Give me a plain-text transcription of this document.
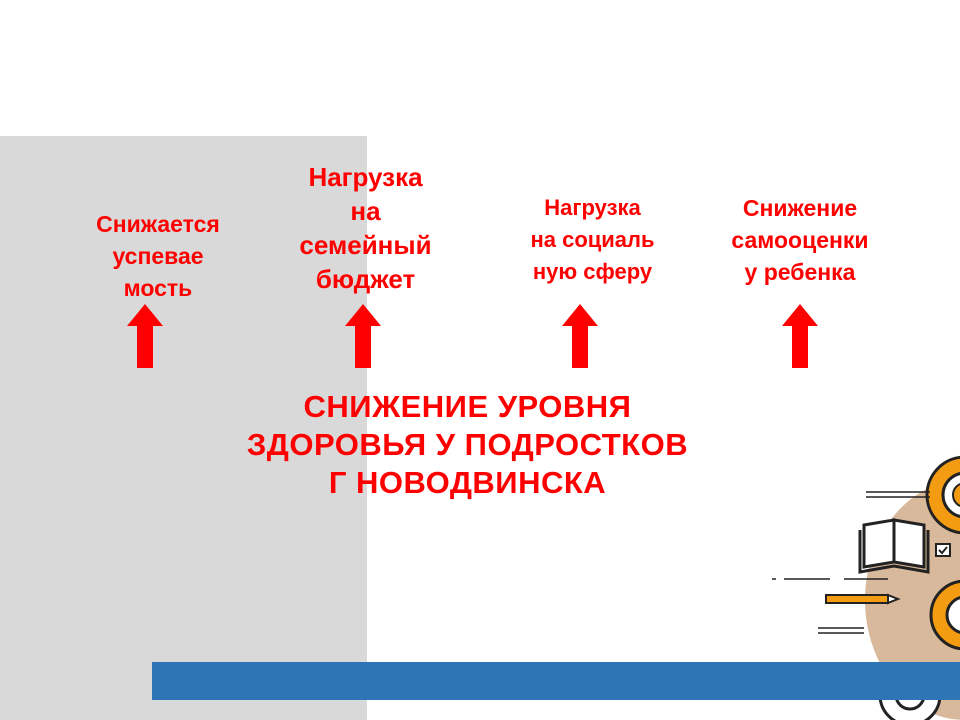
Снижается
успевае
мость

Нагрузка
на
семейный
бюджет

Нагрузка
на социаль
ную сферу

Снижение
самооценки
у ребенка

СНИЖЕНИЕ УРОВНЯ
ЗДОРОВЬЯ У ПОДРОСТКОВ
Г НОВОДВИНСКА
